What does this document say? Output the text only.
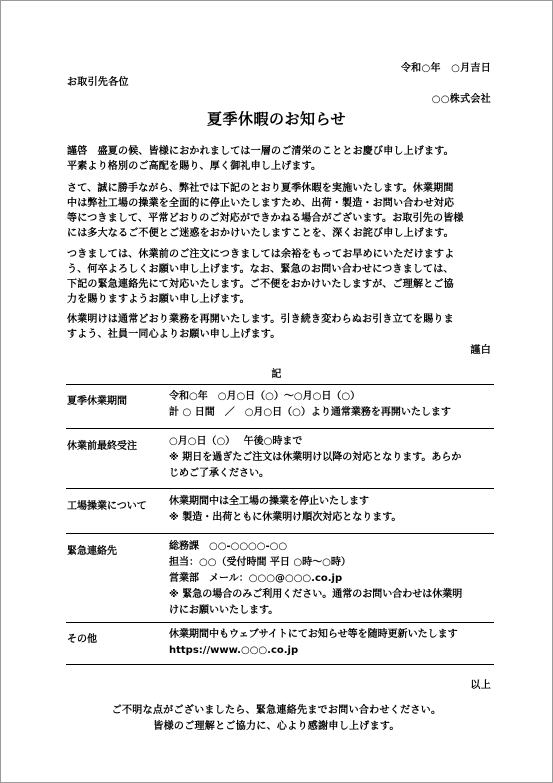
令和○年　○月吉日
お取引先各位
○○株式会社
夏季休暇のお知らせ
謹啓　盛夏の候、皆様におかれましては一層のご清栄のこととお慶び申し上げます。
平素より格別のご高配を賜り、厚く御礼申し上げます。
さて、誠に勝手ながら、弊社では下記のとおり夏季休暇を実施いたします。休業期間
中は弊社工場の操業を全面的に停止いたしますため、出荷・製造・お問い合わせ対応
等につきまして、平常どおりのご対応ができかねる場合がございます。お取引先の皆様
には多大なるご不便とご迷惑をおかけいたしますことを、深くお詫び申し上げます。
つきましては、休業前のご注文につきましては余裕をもってお早めにいただけますよ
う、何卒よろしくお願い申し上げます。なお、緊急のお問い合わせにつきましては、
下記の緊急連絡先にて対応いたします。ご不便をおかけいたしますが、ご理解とご協
力を賜りますようお願い申し上げます。
休業明けは通常どおり業務を再開いたします。引き続き変わらぬお引き立てを賜りま
すよう、社員一同心よりお願い申し上げます。
謹白
記
夏季休業期間	令和○年　○月○日（○）～○月○日（○）
計 ○ 日間　／　○月○日（○）より通常業務を再開いたします
休業前最終受注	○月○日（○）　 午後○時まで
※ 期日を過ぎたご注文は休業明け以降の対応となります。あらか
じめご了承ください。
工場操業について 休業期間中は全工場の操業を停止いたします
※ 製造・出荷ともに休業明け順次対応となります。
緊急連絡先	総務課　○○-○○○○-○○
担当：○○（受付時間 平日 ○時～○時）
営業部　メール：○○○@○○○.co.jp
※ 緊急の場合のみご利用ください。通常のお問い合わせは休業明
けにお願いいたします。
その他	休業期間中もウェブサイトにてお知らせ等を随時更新いたします
https://www.○○○.co.jp
以上
ご不明な点がございましたら、緊急連絡先までお問い合わせください。
皆様のご理解とご協力に、心より感謝申し上げます。
